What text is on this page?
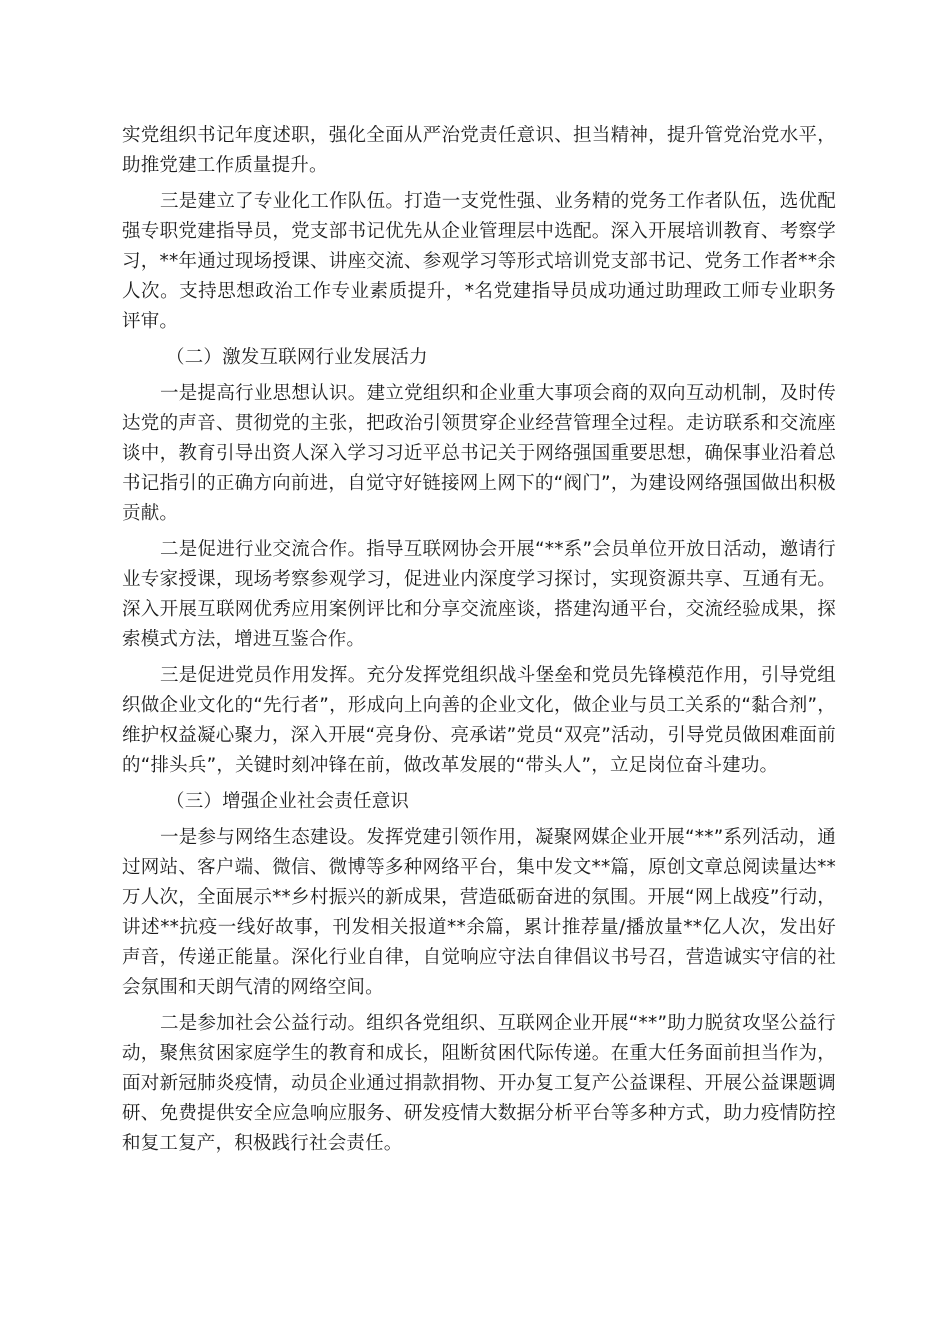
实党组织书记年度述职，强化全面从严治党责任意识、担当精神，提升管党治党水平，助推党建工作质量提升。

三是建立了专业化工作队伍。打造一支党性强、业务精的党务工作者队伍，选优配强专职党建指导员，党支部书记优先从企业管理层中选配。深入开展培训教育、考察学习，**年通过现场授课、讲座交流、参观学习等形式培训党支部书记、党务工作者**余人次。支持思想政治工作专业素质提升，*名党建指导员成功通过助理政工师专业职务评审。

（二）激发互联网行业发展活力

一是提高行业思想认识。建立党组织和企业重大事项会商的双向互动机制，及时传达党的声音、贯彻党的主张，把政治引领贯穿企业经营管理全过程。走访联系和交流座谈中，教育引导出资人深入学习习近平总书记关于网络强国重要思想，确保事业沿着总书记指引的正确方向前进，自觉守好链接网上网下的“阀门”，为建设网络强国做出积极贡献。

二是促进行业交流合作。指导互联网协会开展“**系”会员单位开放日活动，邀请行业专家授课，现场考察参观学习，促进业内深度学习探讨，实现资源共享、互通有无。深入开展互联网优秀应用案例评比和分享交流座谈，搭建沟通平台，交流经验成果，探索模式方法，增进互鉴合作。

三是促进党员作用发挥。充分发挥党组织战斗堡垒和党员先锋模范作用，引导党组织做企业文化的“先行者”，形成向上向善的企业文化，做企业与员工关系的“黏合剂”，维护权益凝心聚力，深入开展“亮身份、亮承诺”党员“双亮”活动，引导党员做困难面前的“排头兵”，关键时刻冲锋在前，做改革发展的“带头人”，立足岗位奋斗建功。

（三）增强企业社会责任意识

一是参与网络生态建设。发挥党建引领作用，凝聚网媒企业开展“**”系列活动，通过网站、客户端、微信、微博等多种网络平台，集中发文**篇，原创文章总阅读量达**万人次，全面展示**乡村振兴的新成果，营造砥砺奋进的氛围。开展“网上战疫”行动，讲述**抗疫一线好故事，刊发相关报道**余篇，累计推荐量/播放量**亿人次，发出好声音，传递正能量。深化行业自律，自觉响应守法自律倡议书号召，营造诚实守信的社会氛围和天朗气清的网络空间。

二是参加社会公益行动。组织各党组织、互联网企业开展“**”助力脱贫攻坚公益行动，聚焦贫困家庭学生的教育和成长，阻断贫困代际传递。在重大任务面前担当作为，面对新冠肺炎疫情，动员企业通过捐款捐物、开办复工复产公益课程、开展公益课题调研、免费提供安全应急响应服务、研发疫情大数据分析平台等多种方式，助力疫情防控和复工复产，积极践行社会责任。
